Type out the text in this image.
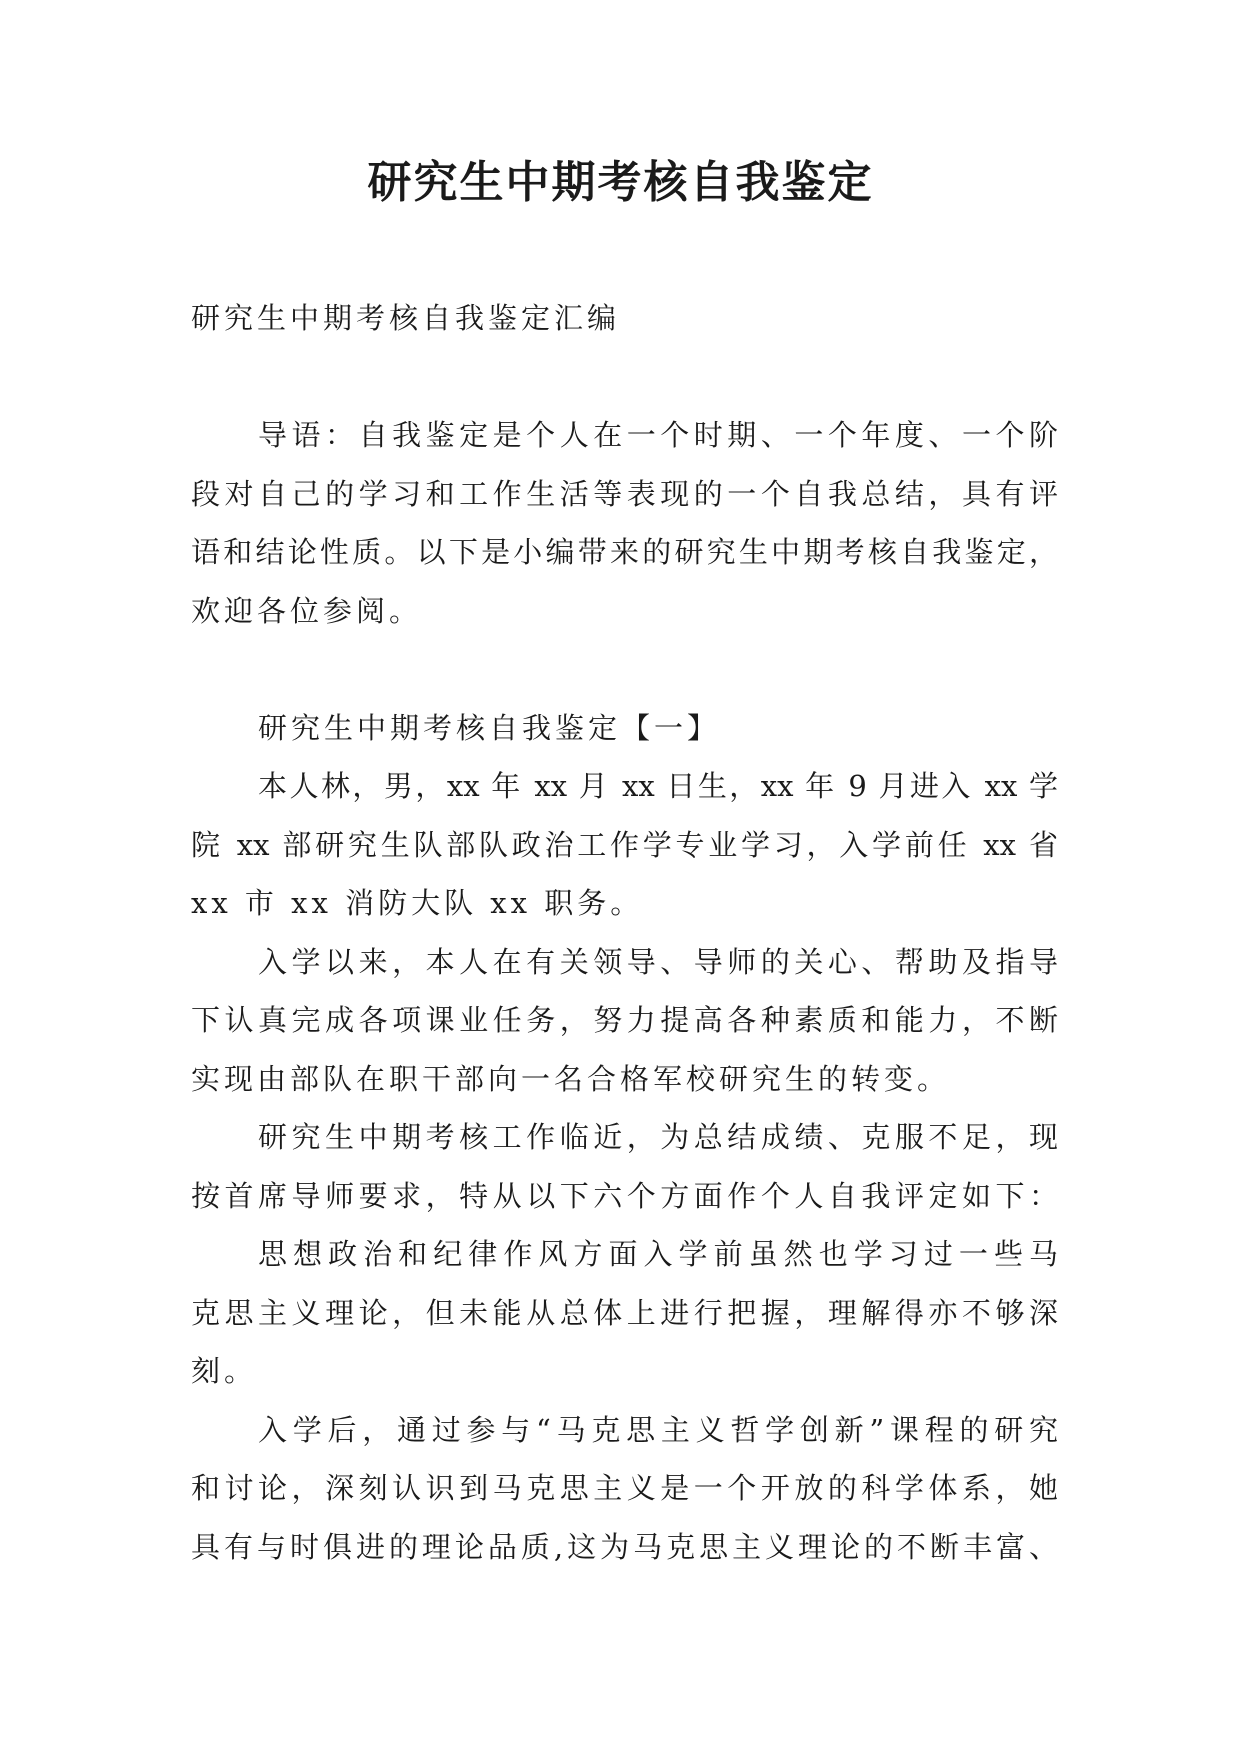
研究生中期考核自我鉴定
研究生中期考核自我鉴定汇编
导语：自我鉴定是个人在一个时期、一个年度、一个阶
段对自己的学习和工作生活等表现的一个自我总结，具有评
语和结论性质。以下是小编带来的研究生中期考核自我鉴定，
欢迎各位参阅。
研究生中期考核自我鉴定【一】
本人林，男，xx 年 xx 月 xx 日生，xx 年 9 月进入 xx 学
院 xx 部研究生队部队政治工作学专业学习，入学前任 xx 省
xx 市 xx 消防大队 xx 职务。
入学以来，本人在有关领导、导师的关心、帮助及指导
下认真完成各项课业任务，努力提高各种素质和能力，不断
实现由部队在职干部向一名合格军校研究生的转变。
研究生中期考核工作临近，为总结成绩、克服不足，现
按首席导师要求，特从以下六个方面作个人自我评定如下：
思想政治和纪律作风方面入学前虽然也学习过一些马
克思主义理论，但未能从总体上进行把握，理解得亦不够深
刻。
入学后，通过参与“马克思主义哲学创新”课程的研究
和讨论，深刻认识到马克思主义是一个开放的科学体系，她
具有与时俱进的理论品质,这为马克思主义理论的不断丰富、
